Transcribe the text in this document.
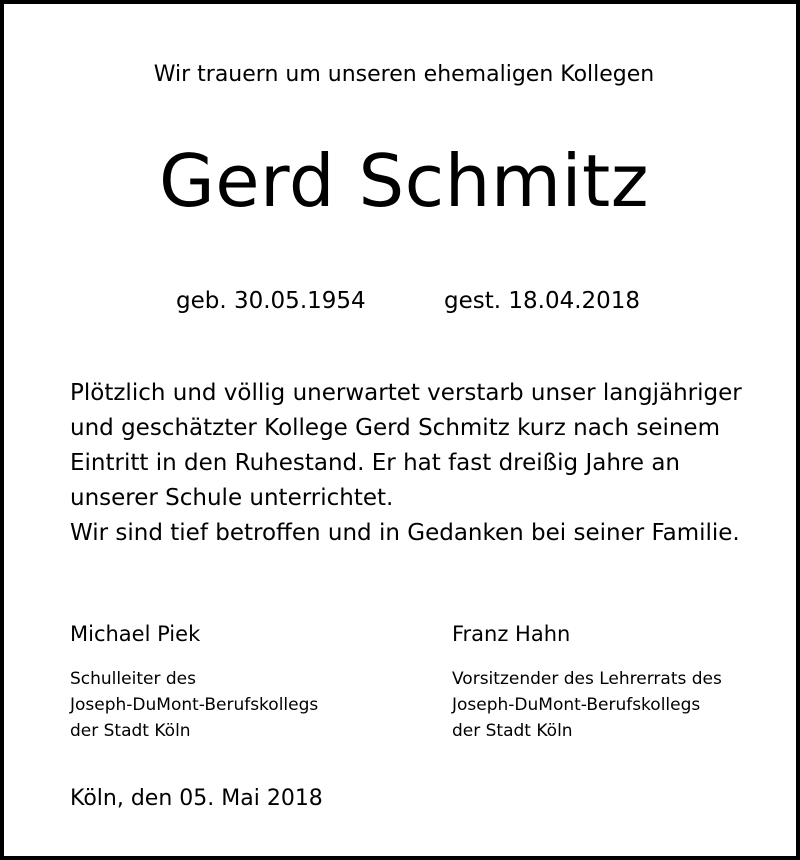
Wir trauern um unseren ehemaligen Kollegen
Gerd Schmitz
geb. 30.05.1954	gest. 18.04.2018
Plötzlich und völlig unerwartet verstarb unser langjähriger
und geschätzter Kollege Gerd Schmitz kurz nach seinem
Eintritt in den Ruhestand. Er hat fast dreißig Jahre an
unserer Schule unterrichtet.
Wir sind tief betroffen und in Gedanken bei seiner Familie.
Michael Piek	Franz Hahn
Schulleiter des
Joseph-DuMont-Berufskollegs
der Stadt Köln
Vorsitzender des Lehrerrats des
Joseph-DuMont-Berufskollegs
der Stadt Köln
Köln, den 05. Mai 2018
